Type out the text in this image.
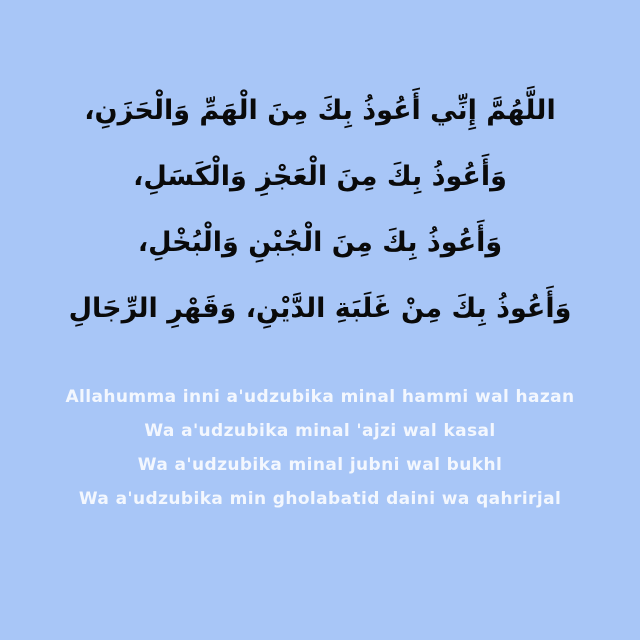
اللَّهُمَّ إِنِّي أَعُوذُ بِكَ مِنَ الْهَمِّ وَالْحَزَنِ،
وَأَعُوذُ بِكَ مِنَ الْعَجْزِ وَالْكَسَلِ،
وَأَعُوذُ بِكَ مِنَ الْجُبْنِ وَالْبُخْلِ،
وَأَعُوذُ بِكَ مِنْ غَلَبَةِ الدَّيْنِ، وَقَهْرِ الرِّجَالِ
Allahumma inni a'udzubika minal hammi wal hazan
Wa a'udzubika minal 'ajzi wal kasal
Wa a'udzubika minal jubni wal bukhl
Wa a'udzubika min gholabatid daini wa qahrirjal
